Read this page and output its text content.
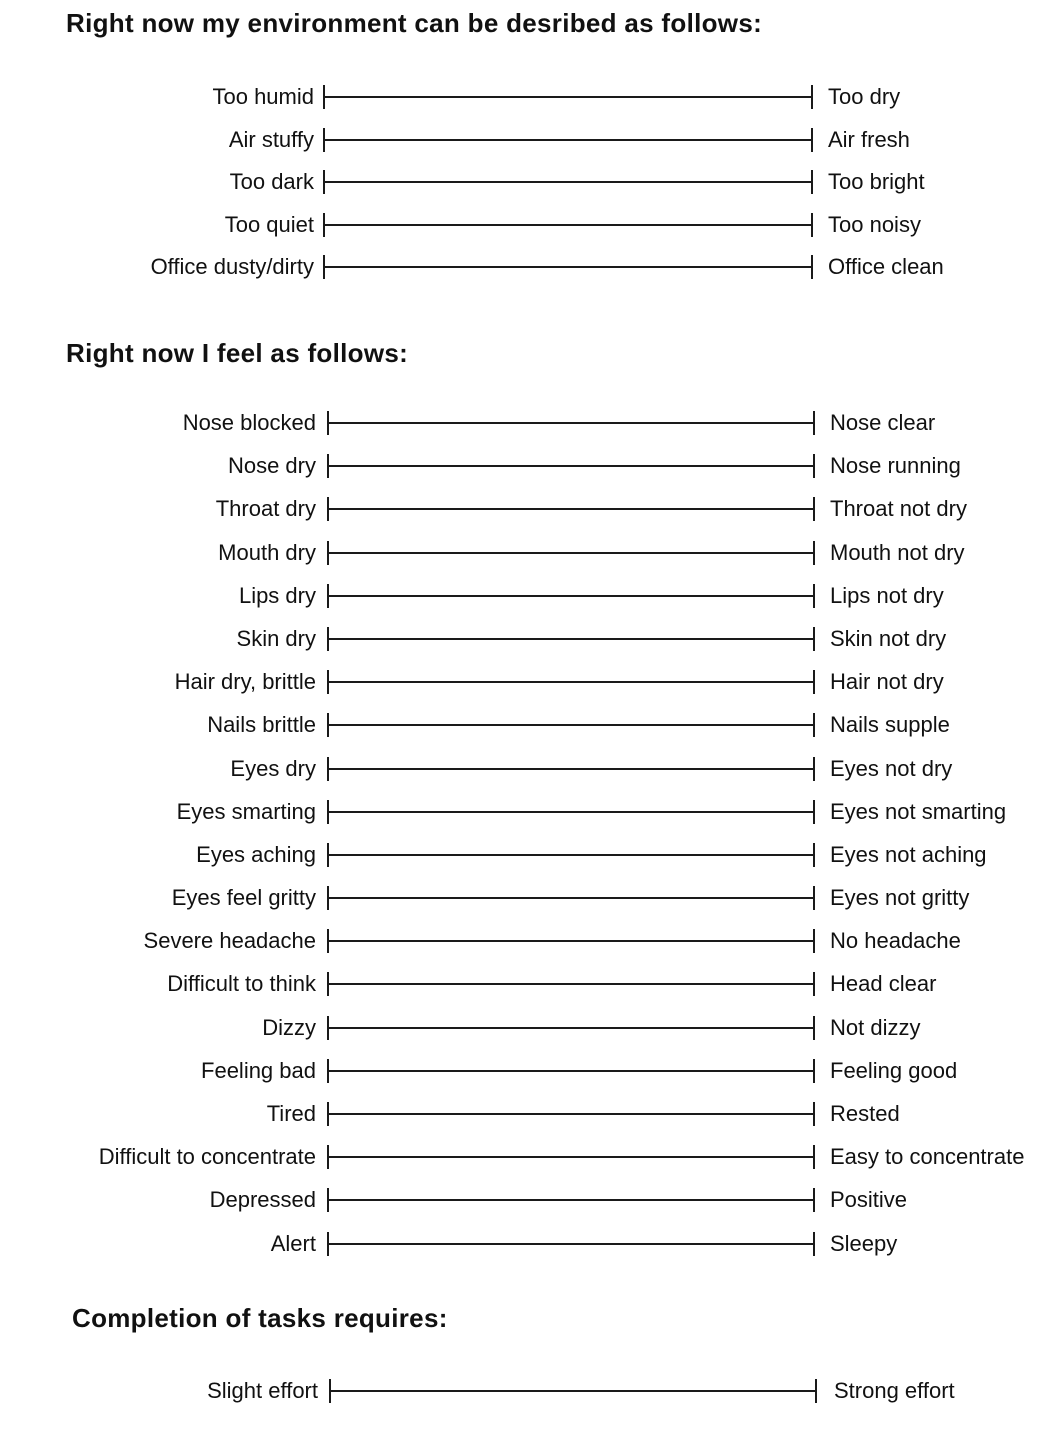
Right now my environment can be desribed as follows:
Too humid	Too dry
Air stuffy	Air fresh
Too dark	Too bright
Too quiet	Too noisy
Office dusty/dirty	Office clean
Right now I feel as follows:
Nose blocked	Nose clear
Nose dry	Nose running
Throat dry	Throat not dry
Mouth dry	Mouth not dry
Lips dry	Lips not dry
Skin dry	Skin not dry
Hair dry, brittle	Hair not dry
Nails brittle	Nails supple
Eyes dry	Eyes not dry
Eyes smarting	Eyes not smarting
Eyes aching	Eyes not aching
Eyes feel gritty	Eyes not gritty
Severe headache	No headache
Difficult to think	Head clear
Dizzy	Not dizzy
Feeling bad	Feeling good
Tired	Rested
Difficult to concentrate	Easy to concentrate
Depressed	Positive
Alert	Sleepy
Completion of tasks requires:
Slight effort	Strong effort
